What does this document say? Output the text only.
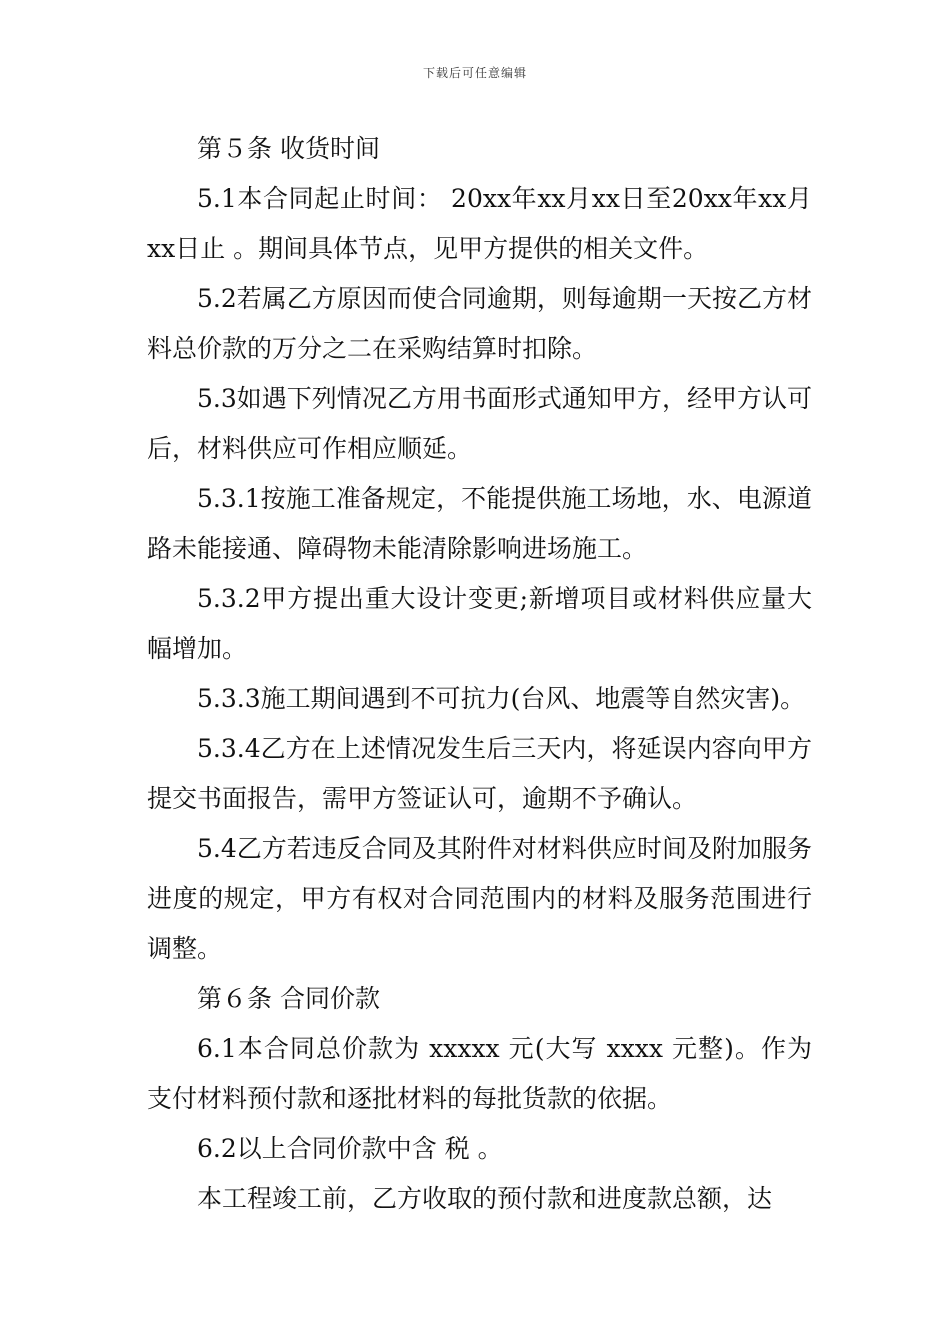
下载后可任意编辑

第５条 收货时间

5.1本合同起止时间： 20xx年xx月xx日至20xx年xx月xx日止 。期间具体节点，见甲方提供的相关文件。

5.2若属乙方原因而使合同逾期，则每逾期一天按乙方材料总价款的万分之二在采购结算时扣除。

5.3如遇下列情况乙方用书面形式通知甲方，经甲方认可后，材料供应可作相应顺延。

5.3.1按施工准备规定，不能提供施工场地，水、电源道路未能接通、障碍物未能清除影响进场施工。

5.3.2甲方提出重大设计变更;新增项目或材料供应量大幅增加。

5.3.3施工期间遇到不可抗力(台风、地震等自然灾害)。

5.3.4乙方在上述情况发生后三天内，将延误内容向甲方提交书面报告，需甲方签证认可，逾期不予确认。

5.4乙方若违反合同及其附件对材料供应时间及附加服务进度的规定，甲方有权对合同范围内的材料及服务范围进行调整。

第６条 合同价款

6.1本合同总价款为 xxxxx 元(大写 xxxx 元整)。作为支付材料预付款和逐批材料的每批货款的依据。

6.2以上合同价款中含 税 。

本工程竣工前，乙方收取的预付款和进度款总额，达
